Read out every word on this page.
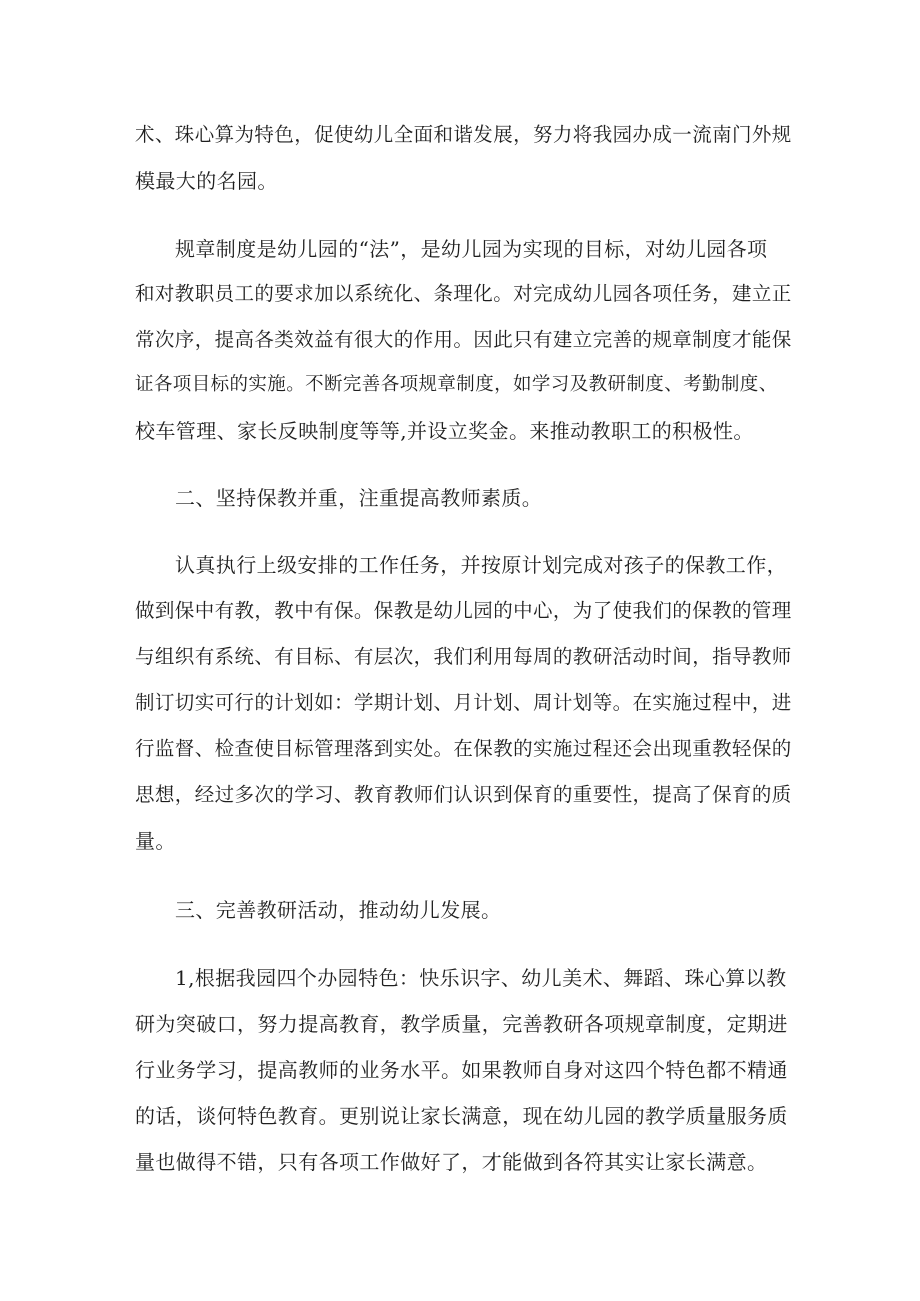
术、珠心算为特色，促使幼儿全面和谐发展，努力将我园办成一流南门外规
模最大的名园。
规章制度是幼儿园的“法”，是幼儿园为实现的目标，对幼儿园各项
和对教职员工的要求加以系统化、条理化。对完成幼儿园各项任务，建立正
常次序，提高各类效益有很大的作用。因此只有建立完善的规章制度才能保
证各项目标的实施。不断完善各项规章制度，如学习及教研制度、考勤制度、
校车管理、家长反映制度等等,并设立奖金。来推动教职工的积极性。
二、坚持保教并重，注重提高教师素质。
认真执行上级安排的工作任务，并按原计划完成对孩子的保教工作，
做到保中有教，教中有保。保教是幼儿园的中心，为了使我们的保教的管理
与组织有系统、有目标、有层次，我们利用每周的教研活动时间，指导教师
制订切实可行的计划如：学期计划、月计划、周计划等。在实施过程中，进
行监督、检查使目标管理落到实处。在保教的实施过程还会出现重教轻保的
思想，经过多次的学习、教育教师们认识到保育的重要性，提高了保育的质
量。
三、完善教研活动，推动幼儿发展。
1,根据我园四个办园特色：快乐识字、幼儿美术、舞蹈、珠心算以教
研为突破口，努力提高教育，教学质量，完善教研各项规章制度，定期进
行业务学习，提高教师的业务水平。如果教师自身对这四个特色都不精通
的话，谈何特色教育。更别说让家长满意，现在幼儿园的教学质量服务质
量也做得不错，只有各项工作做好了，才能做到各符其实让家长满意。
